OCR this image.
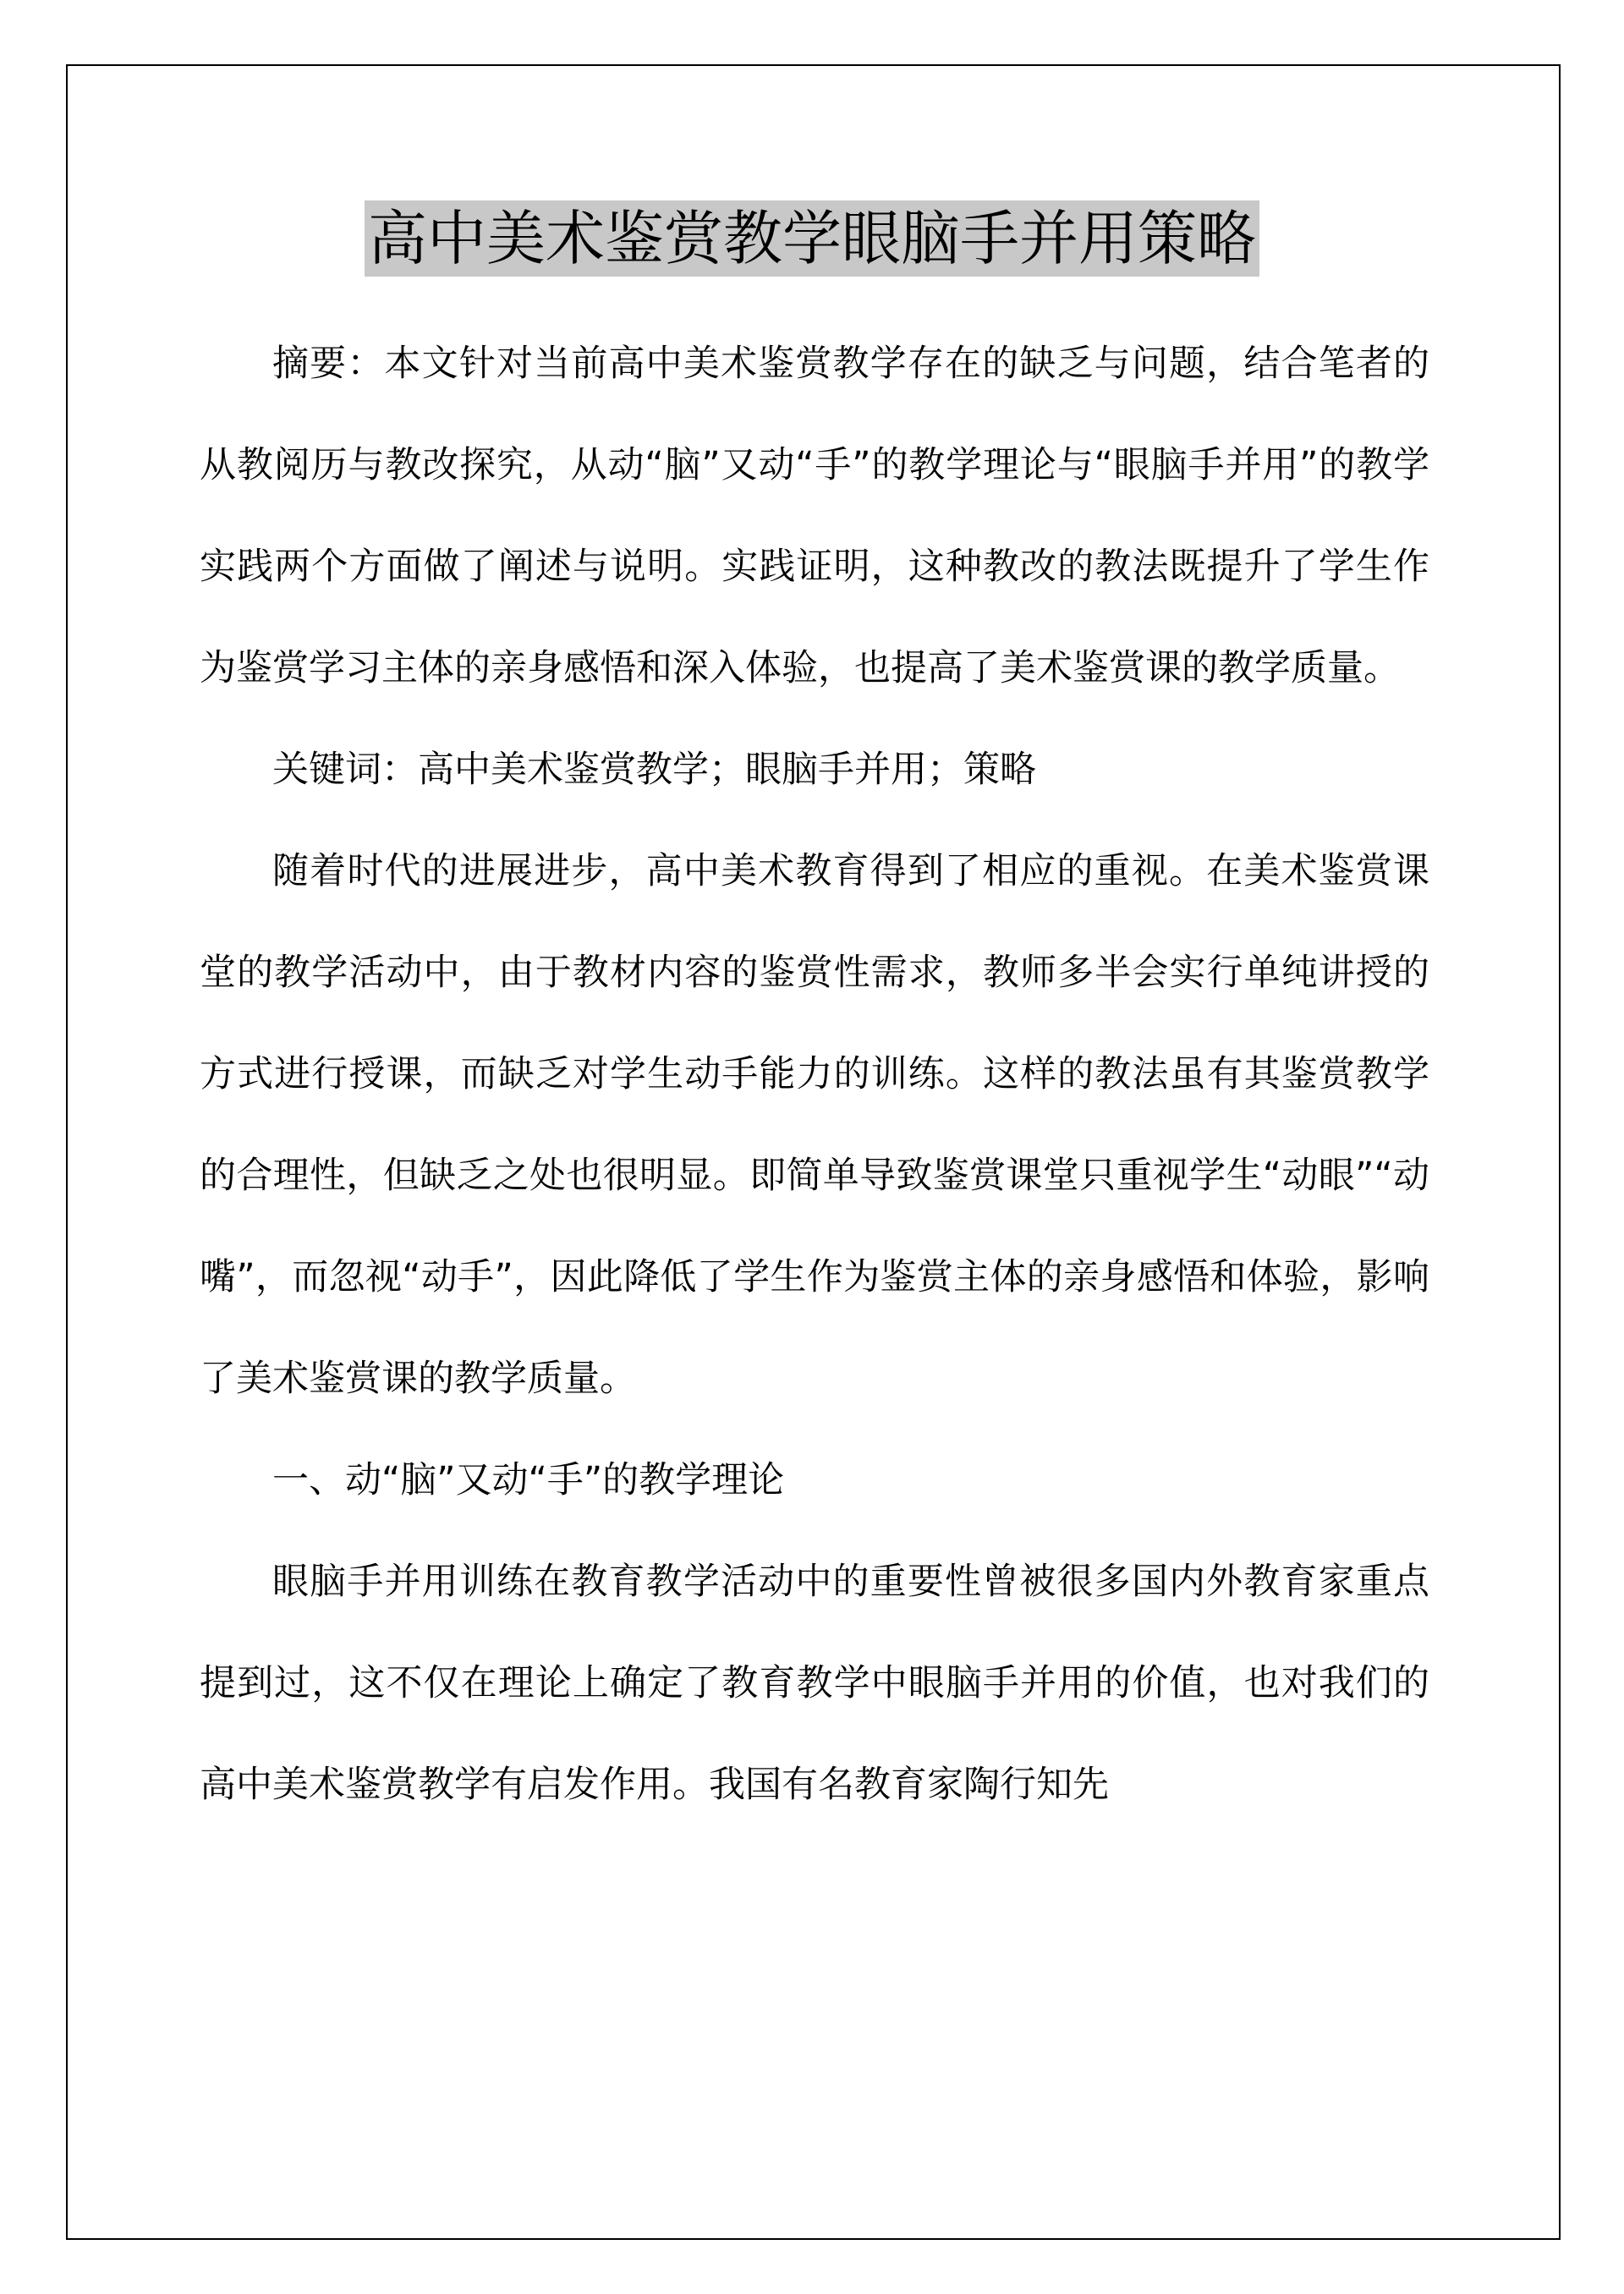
高中美术鉴赏教学眼脑手并用策略

摘要：本文针对当前高中美术鉴赏教学存在的缺乏与问题，结合笔者的从教阅历与教改探究，从动“脑”又动“手”的教学理论与“眼脑手并用”的教学实践两个方面做了阐述与说明。实践证明，这种教改的教法既提升了学生作为鉴赏学习主体的亲身感悟和深入体验，也提高了美术鉴赏课的教学质量。

关键词：高中美术鉴赏教学；眼脑手并用；策略

随着时代的进展进步，高中美术教育得到了相应的重视。在美术鉴赏课堂的教学活动中，由于教材内容的鉴赏性需求，教师多半会实行单纯讲授的方式进行授课，而缺乏对学生动手能力的训练。这样的教法虽有其鉴赏教学的合理性，但缺乏之处也很明显。即简单导致鉴赏课堂只重视学生“动眼”“动嘴”，而忽视“动手”，因此降低了学生作为鉴赏主体的亲身感悟和体验，影响了美术鉴赏课的教学质量。

一、动“脑”又动“手”的教学理论

眼脑手并用训练在教育教学活动中的重要性曾被很多国内外教育家重点提到过，这不仅在理论上确定了教育教学中眼脑手并用的价值，也对我们的高中美术鉴赏教学有启发作用。我国有名教育家陶行知先
